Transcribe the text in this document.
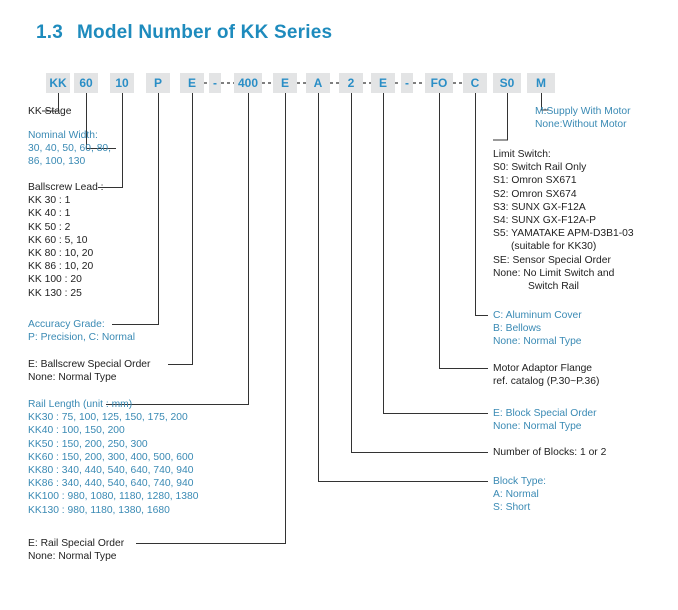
1.3 Model Number of KK Series
KK	60	10	P	E	-	400	E	A	2	E	-	FO	C	S0	M
KK Stage
Nominal Width:
30, 40, 50, 60, 80,
86, 100, 130
Ballscrew Lead :
KK 30 : 1
KK 40 : 1
KK 50 : 2
KK 60 : 5, 10
KK 80 : 10, 20
KK 86 : 10, 20
KK 100 : 20
KK 130 : 25
Accuracy Grade:
P: Precision, C: Normal
E: Ballscrew Special Order
None: Normal Type
Rail Length (unit : mm)
KK30 : 75, 100, 125, 150, 175, 200
KK40 : 100, 150, 200
KK50 : 150, 200, 250, 300
KK60 : 150, 200, 300, 400, 500, 600
KK80 : 340, 440, 540, 640, 740, 940
KK86 : 340, 440, 540, 640, 740, 940
KK100 : 980, 1080, 1180, 1280, 1380
KK130 : 980, 1180, 1380, 1680
E: Rail Special Order
None: Normal Type
M:Supply With Motor
None:Without Motor
Limit Switch:
S0: Switch Rail Only
S1: Omron SX671
S2: Omron SX674
S3: SUNX GX-F12A
S4: SUNX GX-F12A-P
S5: YAMATAKE APM-D3B1-03
(suitable for KK30)
SE: Sensor Special Order
None: No Limit Switch and
Switch Rail
C: Aluminum Cover
B: Bellows
None: Normal Type
Motor Adaptor Flange
ref. catalog (P.30~P.36)
E: Block Special Order
None: Normal Type
Number of Blocks: 1 or 2
Block Type:
A: Normal
S: Short
